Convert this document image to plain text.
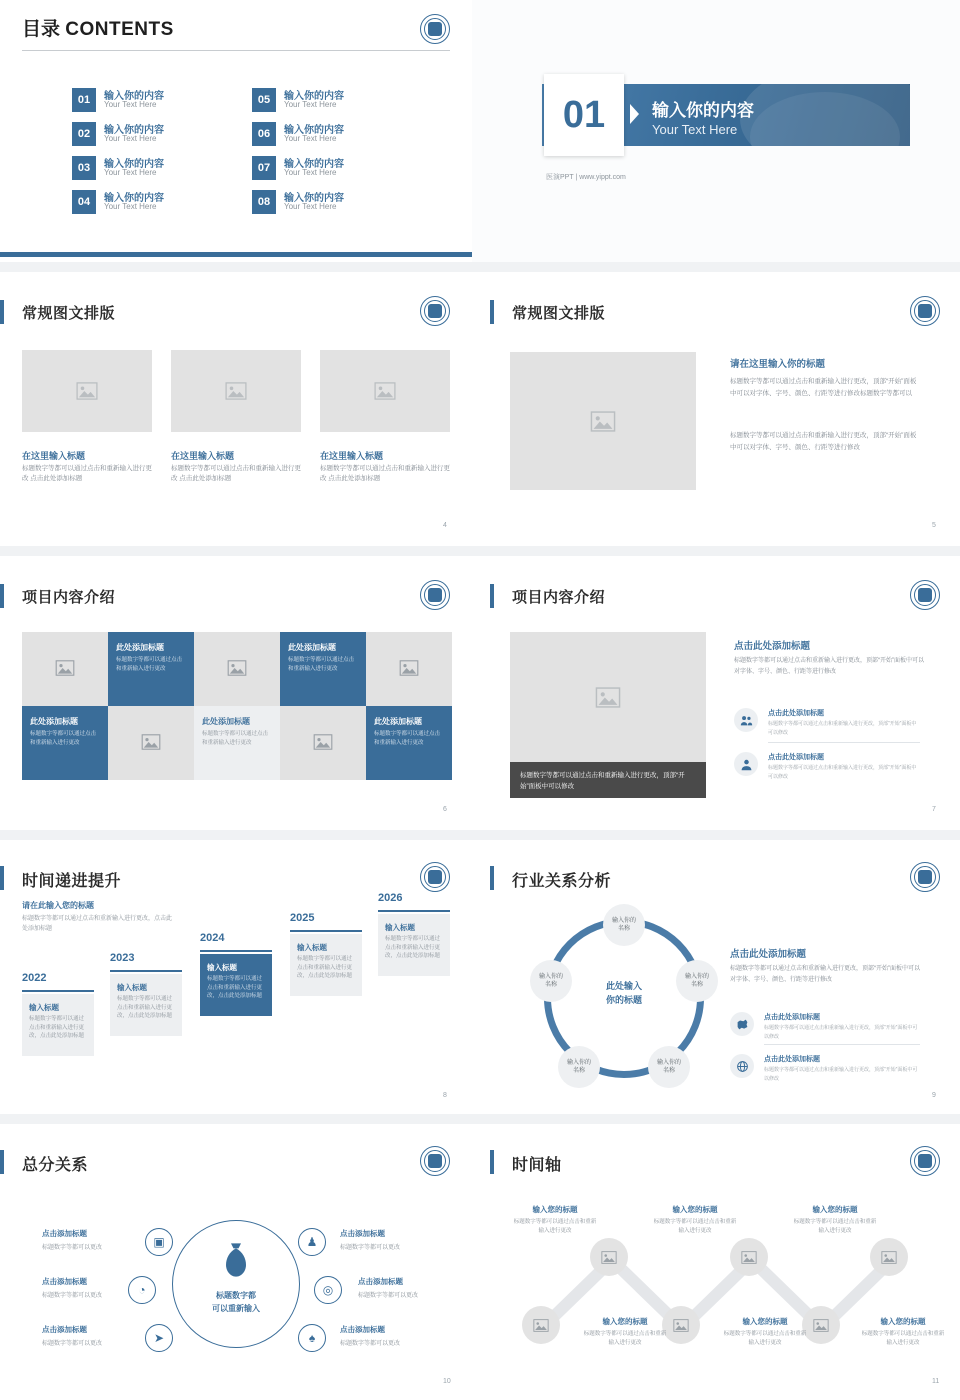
目录 CONTENTS
01	输入你的内容
Your Text Here
02	输入你的内容
Your Text Here
03	输入你的内容
Your Text Here
04	输入你的内容
Your Text Here
05	输入你的内容
Your Text Here
06	输入你的内容
Your Text Here
07	输入你的内容
Your Text Here
08	输入你的内容
Your Text Here
01	输入你的内容
Your Text Here
医演PPT | www.yippt.com
常规图文排版
在这里输入标题
标题数字等都可以通过点击和重新输入进行更改 点击此处添加标题
在这里输入标题
标题数字等都可以通过点击和重新输入进行更改 点击此处添加标题
在这里输入标题
标题数字等都可以通过点击和重新输入进行更改 点击此处添加标题
4
常规图文排版
请在这里输入你的标题
标题数字等都可以通过点击和重新输入进行更改，顶部“开始”面板中可以对字体、字号、颜色、行距等进行修改标题数字等都可以
标题数字等都可以通过点击和重新输入进行更改，顶部“开始”面板中可以对字体、字号、颜色、行距等进行修改
5
项目内容介绍
此处添加标题
标题数字等都可以通过点击和重新输入进行更改
此处添加标题
标题数字等都可以通过点击和重新输入进行更改
此处添加标题
标题数字等都可以通过点击和重新输入进行更改
此处添加标题
标题数字等都可以通过点击和重新输入进行更改
此处添加标题
标题数字等都可以通过点击和重新输入进行更改
6
项目内容介绍
标题数字等都可以通过点击和重新输入进行更改，顶部“开始”面板中可以修改
点击此处添加标题
标题数字等都可以通过点击和重新输入进行更改，顶部“开始”面板中可以对字体、字号、颜色、行距等进行修改
点击此处添加标题
标题数字等都可以通过点击和重新输入进行更改，顶部“开始”面板中可以修改
点击此处添加标题
标题数字等都可以通过点击和重新输入进行更改，顶部“开始”面板中可以修改
7
时间递进提升
请在此输入您的标题
标题数字等都可以通过点击和重新输入进行更改，点击此处添加标题
2022
输入标题
标题数字等都可以通过点击和重新输入进行更改，点击此处添加标题
2023
输入标题
标题数字等都可以通过点击和重新输入进行更改，点击此处添加标题
2024
输入标题
标题数字等都可以通过点击和重新输入进行更改，点击此处添加标题
2025
输入标题
标题数字等都可以通过点击和重新输入进行更改，点击此处添加标题
2026
输入标题
标题数字等都可以通过点击和重新输入进行更改，点击此处添加标题
8
行业关系分析
此处输入
你的标题
输入你的
名称
输入你的
名称
输入你的
名称
输入你的
名称
输入你的
名称
点击此处添加标题
标题数字等都可以通过点击和重新输入进行更改，顶部“开始”面板中可以对字体、字号、颜色、行距等进行修改
点击此处添加标题
标题数字等都可以通过点击和重新输入进行更改，顶部“开始”面板中可以修改
点击此处添加标题
标题数字等都可以通过点击和重新输入进行更改，顶部“开始”面板中可以修改
9
总分关系
标题数字都
可以重新输入
▣
点击添加标题
标题数字等都可以更改
◔
点击添加标题
标题数字等都可以更改
➤
点击添加标题
标题数字等都可以更改
♟
点击添加标题
标题数字等都可以更改
◎
点击添加标题
标题数字等都可以更改
♠
点击添加标题
标题数字等都可以更改
10
时间轴
输入您的标题
标题数字等都可以通过点击和重新输入进行更改
输入您的标题
标题数字等都可以通过点击和重新输入进行更改
输入您的标题
标题数字等都可以通过点击和重新输入进行更改
输入您的标题
标题数字等都可以通过点击和重新输入进行更改
输入您的标题
标题数字等都可以通过点击和重新输入进行更改
输入您的标题
标题数字等都可以通过点击和重新输入进行更改
11
